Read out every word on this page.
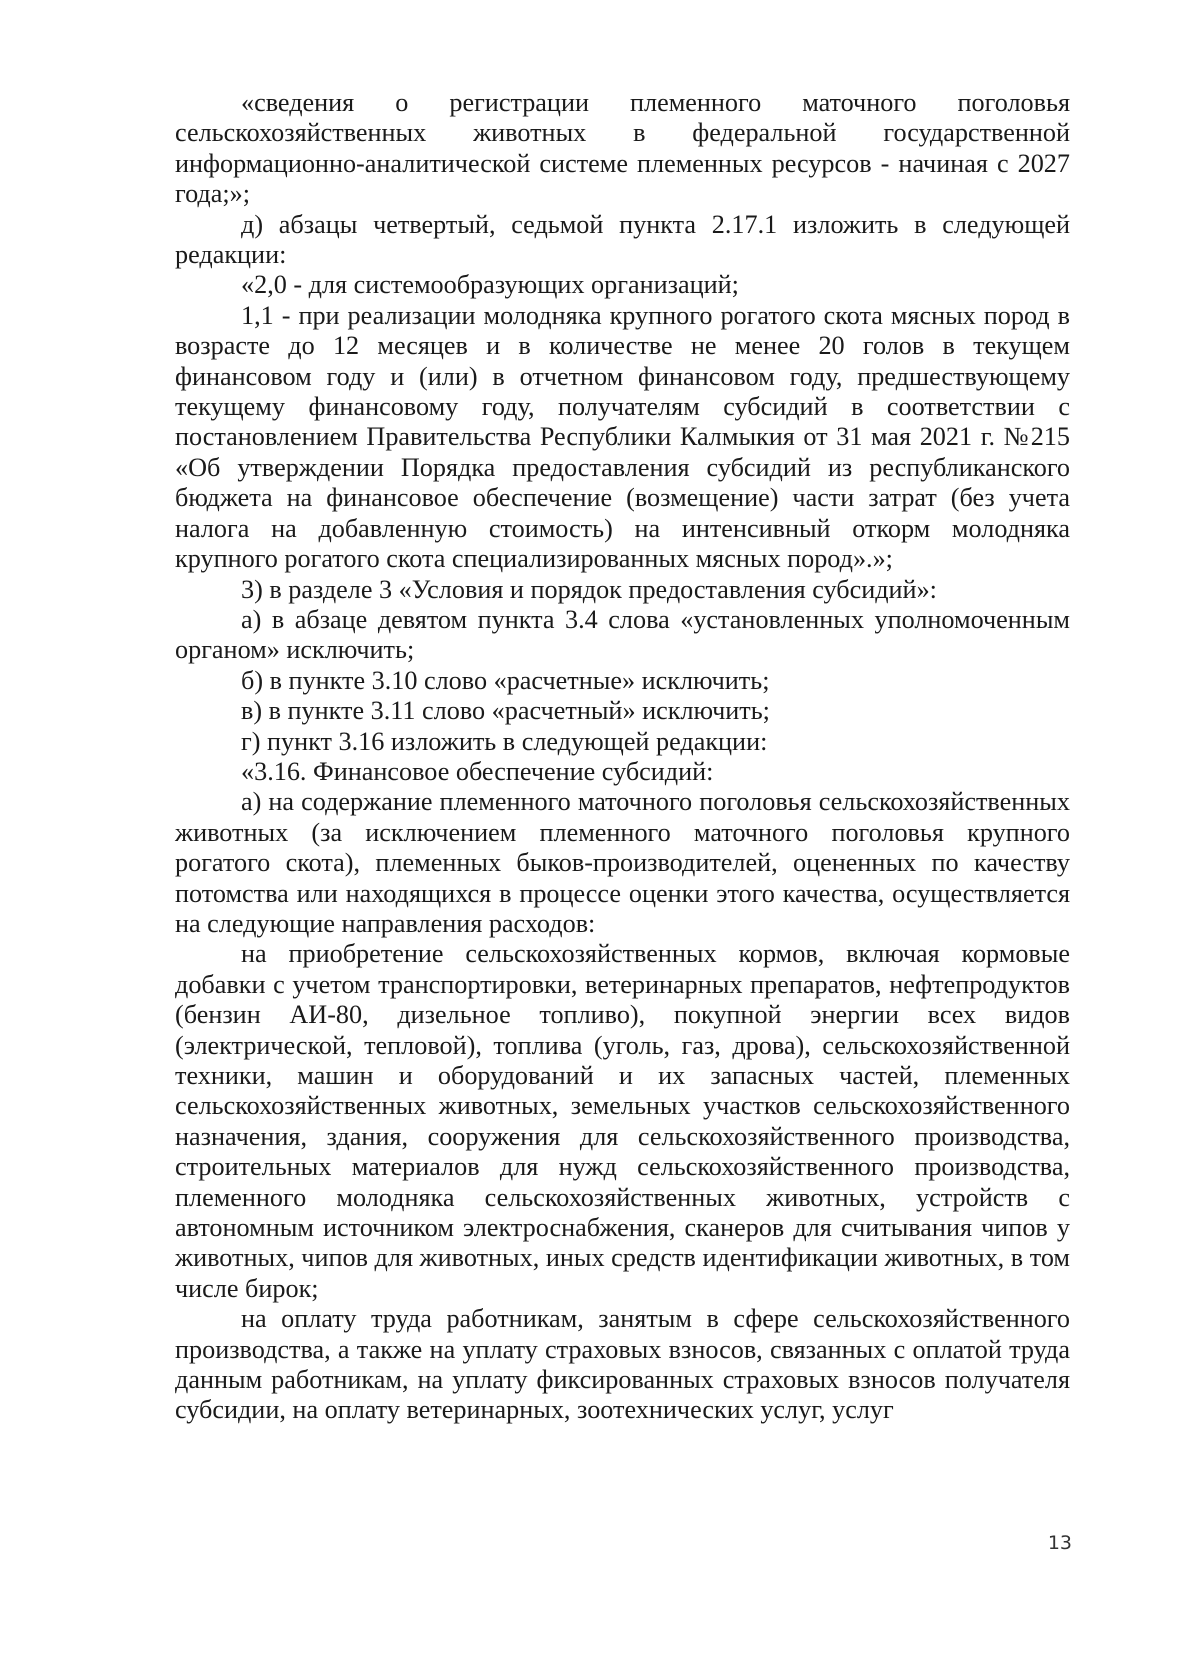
«сведения о регистрации племенного маточного поголовья сельскохозяйственных животных в федеральной государственной информационно-аналитической системе племенных ресурсов - начиная с 2027 года;»;

д) абзацы четвертый, седьмой пункта 2.17.1 изложить в следующей редакции:

«2,0 - для системообразующих организаций;

1,1 - при реализации молодняка крупного рогатого скота мясных пород в возрасте до 12 месяцев и в количестве не менее 20 голов в текущем финансовом году и (или) в отчетном финансовом году, предшествующему текущему финансовому году, получателям субсидий в соответствии с постановлением Правительства Республики Калмыкия от 31 мая 2021 г. №215 «Об утверждении Порядка предоставления субсидий из республиканского бюджета на финансовое обеспечение (возмещение) части затрат (без учета налога на добавленную стоимость) на интенсивный откорм молодняка крупного рогатого скота специализированных мясных пород».»;

3) в разделе 3 «Условия и порядок предоставления субсидий»:

а) в абзаце девятом пункта 3.4 слова «установленных уполномоченным органом» исключить;

б) в пункте 3.10 слово «расчетные» исключить;

в) в пункте 3.11 слово «расчетный» исключить;

г) пункт 3.16 изложить в следующей редакции:

«3.16. Финансовое обеспечение субсидий:

а) на содержание племенного маточного поголовья сельскохозяйственных животных (за исключением племенного маточного поголовья крупного рогатого скота), племенных быков-производителей, оцененных по качеству потомства или находящихся в процессе оценки этого качества, осуществляется на следующие направления расходов:

на приобретение сельскохозяйственных кормов, включая кормовые добавки с учетом транспортировки, ветеринарных препаратов, нефтепродуктов (бензин АИ-80, дизельное топливо), покупной энергии всех видов (электрической, тепловой), топлива (уголь, газ, дрова), сельскохозяйственной техники, машин и оборудований и их запасных частей, племенных сельскохозяйственных животных, земельных участков сельскохозяйственного назначения, здания, сооружения для сельскохозяйственного производства, строительных материалов для нужд сельскохозяйственного производства, племенного молодняка сельскохозяйственных животных, устройств с автономным источником электроснабжения, сканеров для считывания чипов у животных, чипов для животных, иных средств идентификации животных, в том числе бирок;

на оплату труда работникам, занятым в сфере сельскохозяйственного производства, а также на уплату страховых взносов, связанных с оплатой труда данным работникам, на уплату фиксированных страховых взносов получателя субсидии, на оплату ветеринарных, зоотехнических услуг, услуг

13
